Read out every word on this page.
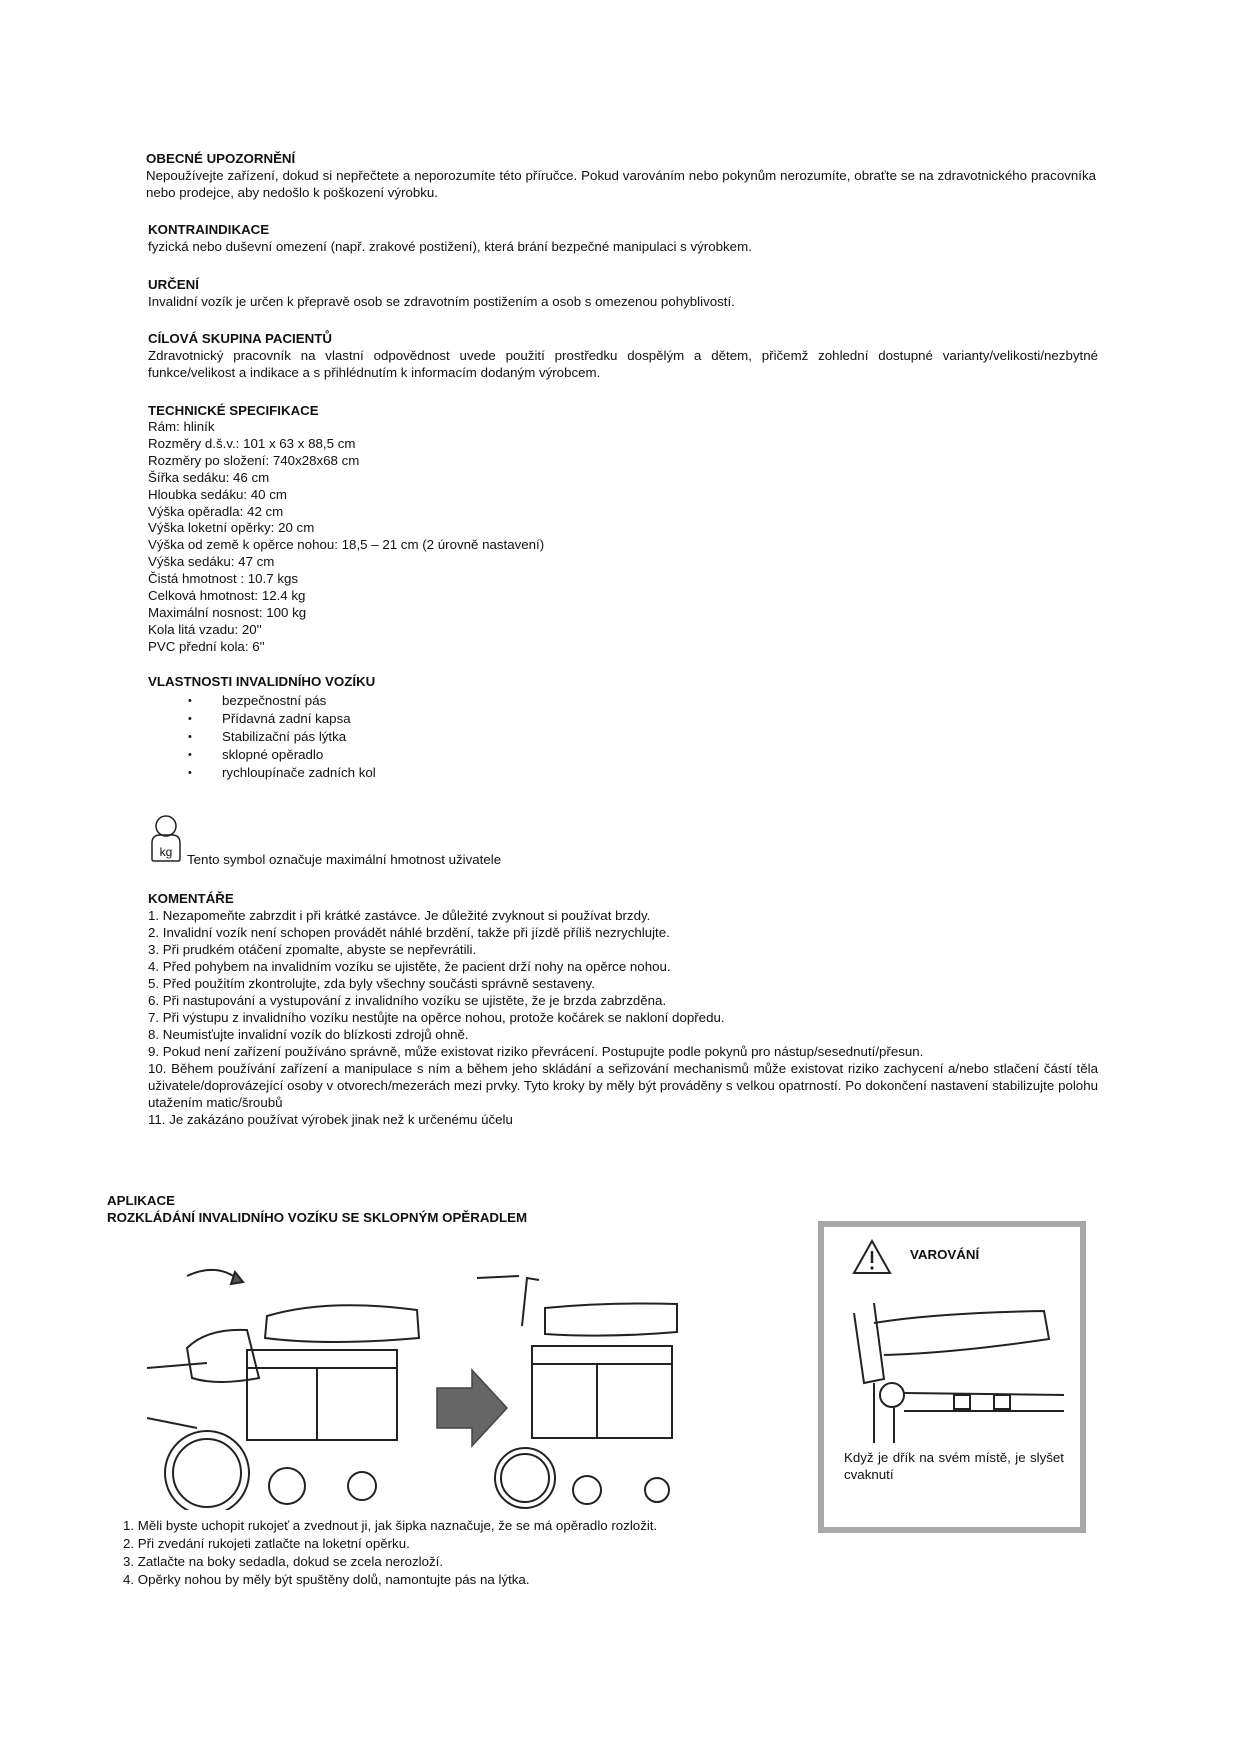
OBECNÉ UPOZORNĚNÍ

Nepoužívejte zařízení, dokud si nepřečtete a neporozumíte této příručce. Pokud varováním nebo pokynům nerozumíte, obraťte se na zdravotnického pracovníka nebo prodejce, aby nedošlo k poškození výrobku.

KONTRAINDIKACE

fyzická nebo duševní omezení (např. zrakové postižení), která brání bezpečné manipulaci s výrobkem.

URČENÍ

Invalidní vozík je určen k přepravě osob se zdravotním postižením a osob s omezenou pohyblivostí.

CÍLOVÁ SKUPINA PACIENTŮ

Zdravotnický pracovník na vlastní odpovědnost uvede použití prostředku dospělým a dětem, přičemž zohlední dostupné varianty/velikosti/nezbytné funkce/velikost a indikace a s přihlédnutím k informacím dodaným výrobcem.

TECHNICKÉ SPECIFIKACE

Rám: hliník
Rozměry d.š.v.: 101 x 63 x 88,5 cm
Rozměry po složení: 740x28x68 cm
Šířka sedáku: 46 cm
Hloubka sedáku: 40 cm
Výška opěradla: 42 cm
Výška loketní opěrky: 20 cm
Výška od země k opěrce nohou: 18,5 – 21 cm (2 úrovně nastavení)
Výška sedáku: 47 cm
Čistá hmotnost : 10.7 kgs
Celková hmotnost: 12.4 kg
Maximální nosnost: 100 kg
Kola litá vzadu: 20''
PVC přední kola: 6''

VLASTNOSTI INVALIDNÍHO VOZÍKU

• bezpečnostní pás
• Přídavná zadní kapsa
• Stabilizační pás lýtka
• sklopné opěradlo
• rychloupínače zadních kol
kg Tento symbol označuje maximální hmotnost uživatele

KOMENTÁŘE

1. Nezapomeňte zabrzdit i při krátké zastávce. Je důležité zvyknout si používat brzdy.

2. Invalidní vozík není schopen provádět náhlé brzdění, takže při jízdě příliš nezrychlujte.

3. Při prudkém otáčení zpomalte, abyste se nepřevrátili.

4. Před pohybem na invalidním vozíku se ujistěte, že pacient drží nohy na opěrce nohou.

5. Před použitím zkontrolujte, zda byly všechny součásti správně sestaveny.

6. Při nastupování a vystupování z invalidního vozíku se ujistěte, že je brzda zabrzděna.

7. Při výstupu z invalidního vozíku nestůjte na opěrce nohou, protože kočárek se nakloní dopředu.

8. Neumisťujte invalidní vozík do blízkosti zdrojů ohně.

9. Pokud není zařízení používáno správně, může existovat riziko převrácení. Postupujte podle pokynů pro nástup/sesednutí/přesun.

10. Během používání zařízení a manipulace s ním a během jeho skládání a seřizování mechanismů může existovat riziko zachycení a/nebo stlačení částí těla uživatele/doprovázející osoby v otvorech/mezerách mezi prvky. Tyto kroky by měly být prováděny s velkou opatrností. Po dokončení nastavení stabilizujte polohu utažením matic/šroubů

11. Je zakázáno používat výrobek jinak než k určenému účelu

APLIKACE

ROZKLÁDÁNÍ INVALIDNÍHO VOZÍKU SE SKLOPNÝM OPĚRADLEM

1. Měli byste uchopit rukojeť a zvednout ji, jak šipka naznačuje, že se má opěradlo rozložit.
2. Při zvedání rukojeti zatlačte na loketní opěrku.
3. Zatlačte na boky sedadla, dokud se zcela nerozloží.
4. Opěrky nohou by měly být spuštěny dolů, namontujte pás na lýtka.
VAROVÁNÍ
Když je dřík na svém místě, je slyšet cvaknutí
